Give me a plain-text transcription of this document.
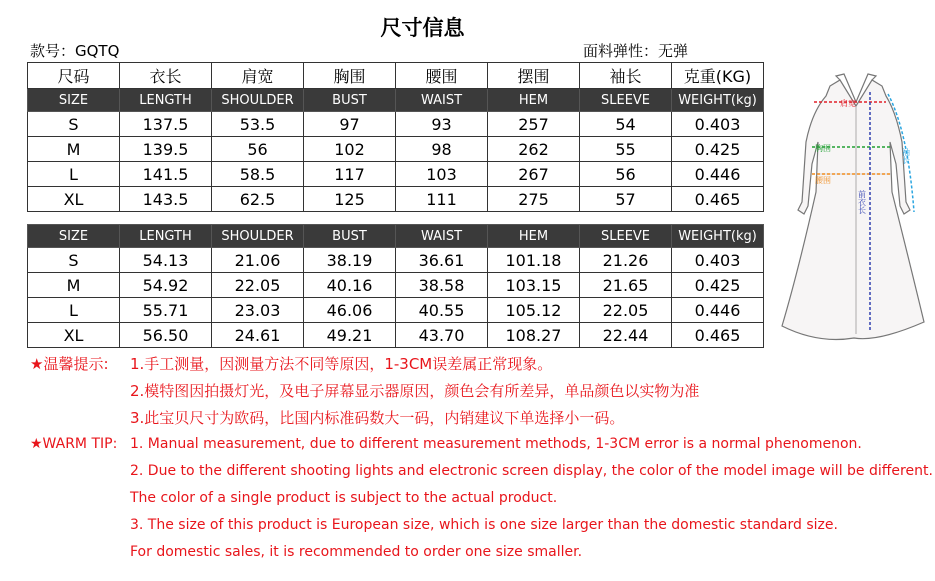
尺寸信息
款号：GQTQ	面料弹性：无弹
尺码	衣长	肩宽	胸围	腰围	摆围	袖长	克重(KG)
SIZE	LENGTH	SHOULDER	BUST	WAIST	HEM	SLEEVE	WEIGHT(kg)
S	137.5	53.5	97	93	257	54	0.403
M	139.5	56	102	98	262	55	0.425
L	141.5	58.5	117	103	267	56	0.446
XL	143.5	62.5	125	111	275	57	0.465
SIZE	LENGTH	SHOULDER	BUST	WAIST	HEM	SLEEVE	WEIGHT(kg)
S	54.13	21.06	38.19	36.61	101.18	21.26	0.403
M	54.92	22.05	40.16	38.58	103.15	21.65	0.425
L	55.71	23.03	46.06	40.55	105.12	22.05	0.446
XL	56.50	24.61	49.21	43.70	108.27	22.44	0.465
★温馨提示: 1.手工测量，因测量方法不同等原因，1-3CM误差属正常现象。
2.模特图因拍摄灯光，及电子屏幕显示器原因，颜色会有所差异，单品颜色以实物为准
3.此宝贝尺寸为欧码，比国内标准码数大一码，内销建议下单选择小一码。
★WARM TIP: 1. Manual measurement, due to different measurement methods, 1-3CM error is a normal phenomenon.
2. Due to the different shooting lights and electronic screen display, the color of the model image will be different.
The color of a single product is subject to the actual product.
3. The size of this product is European size, which is one size larger than the domestic standard size.
For domestic sales, it is recommended to order one size smaller.
肩宽
胸围
腰围
袖长
前衣长
